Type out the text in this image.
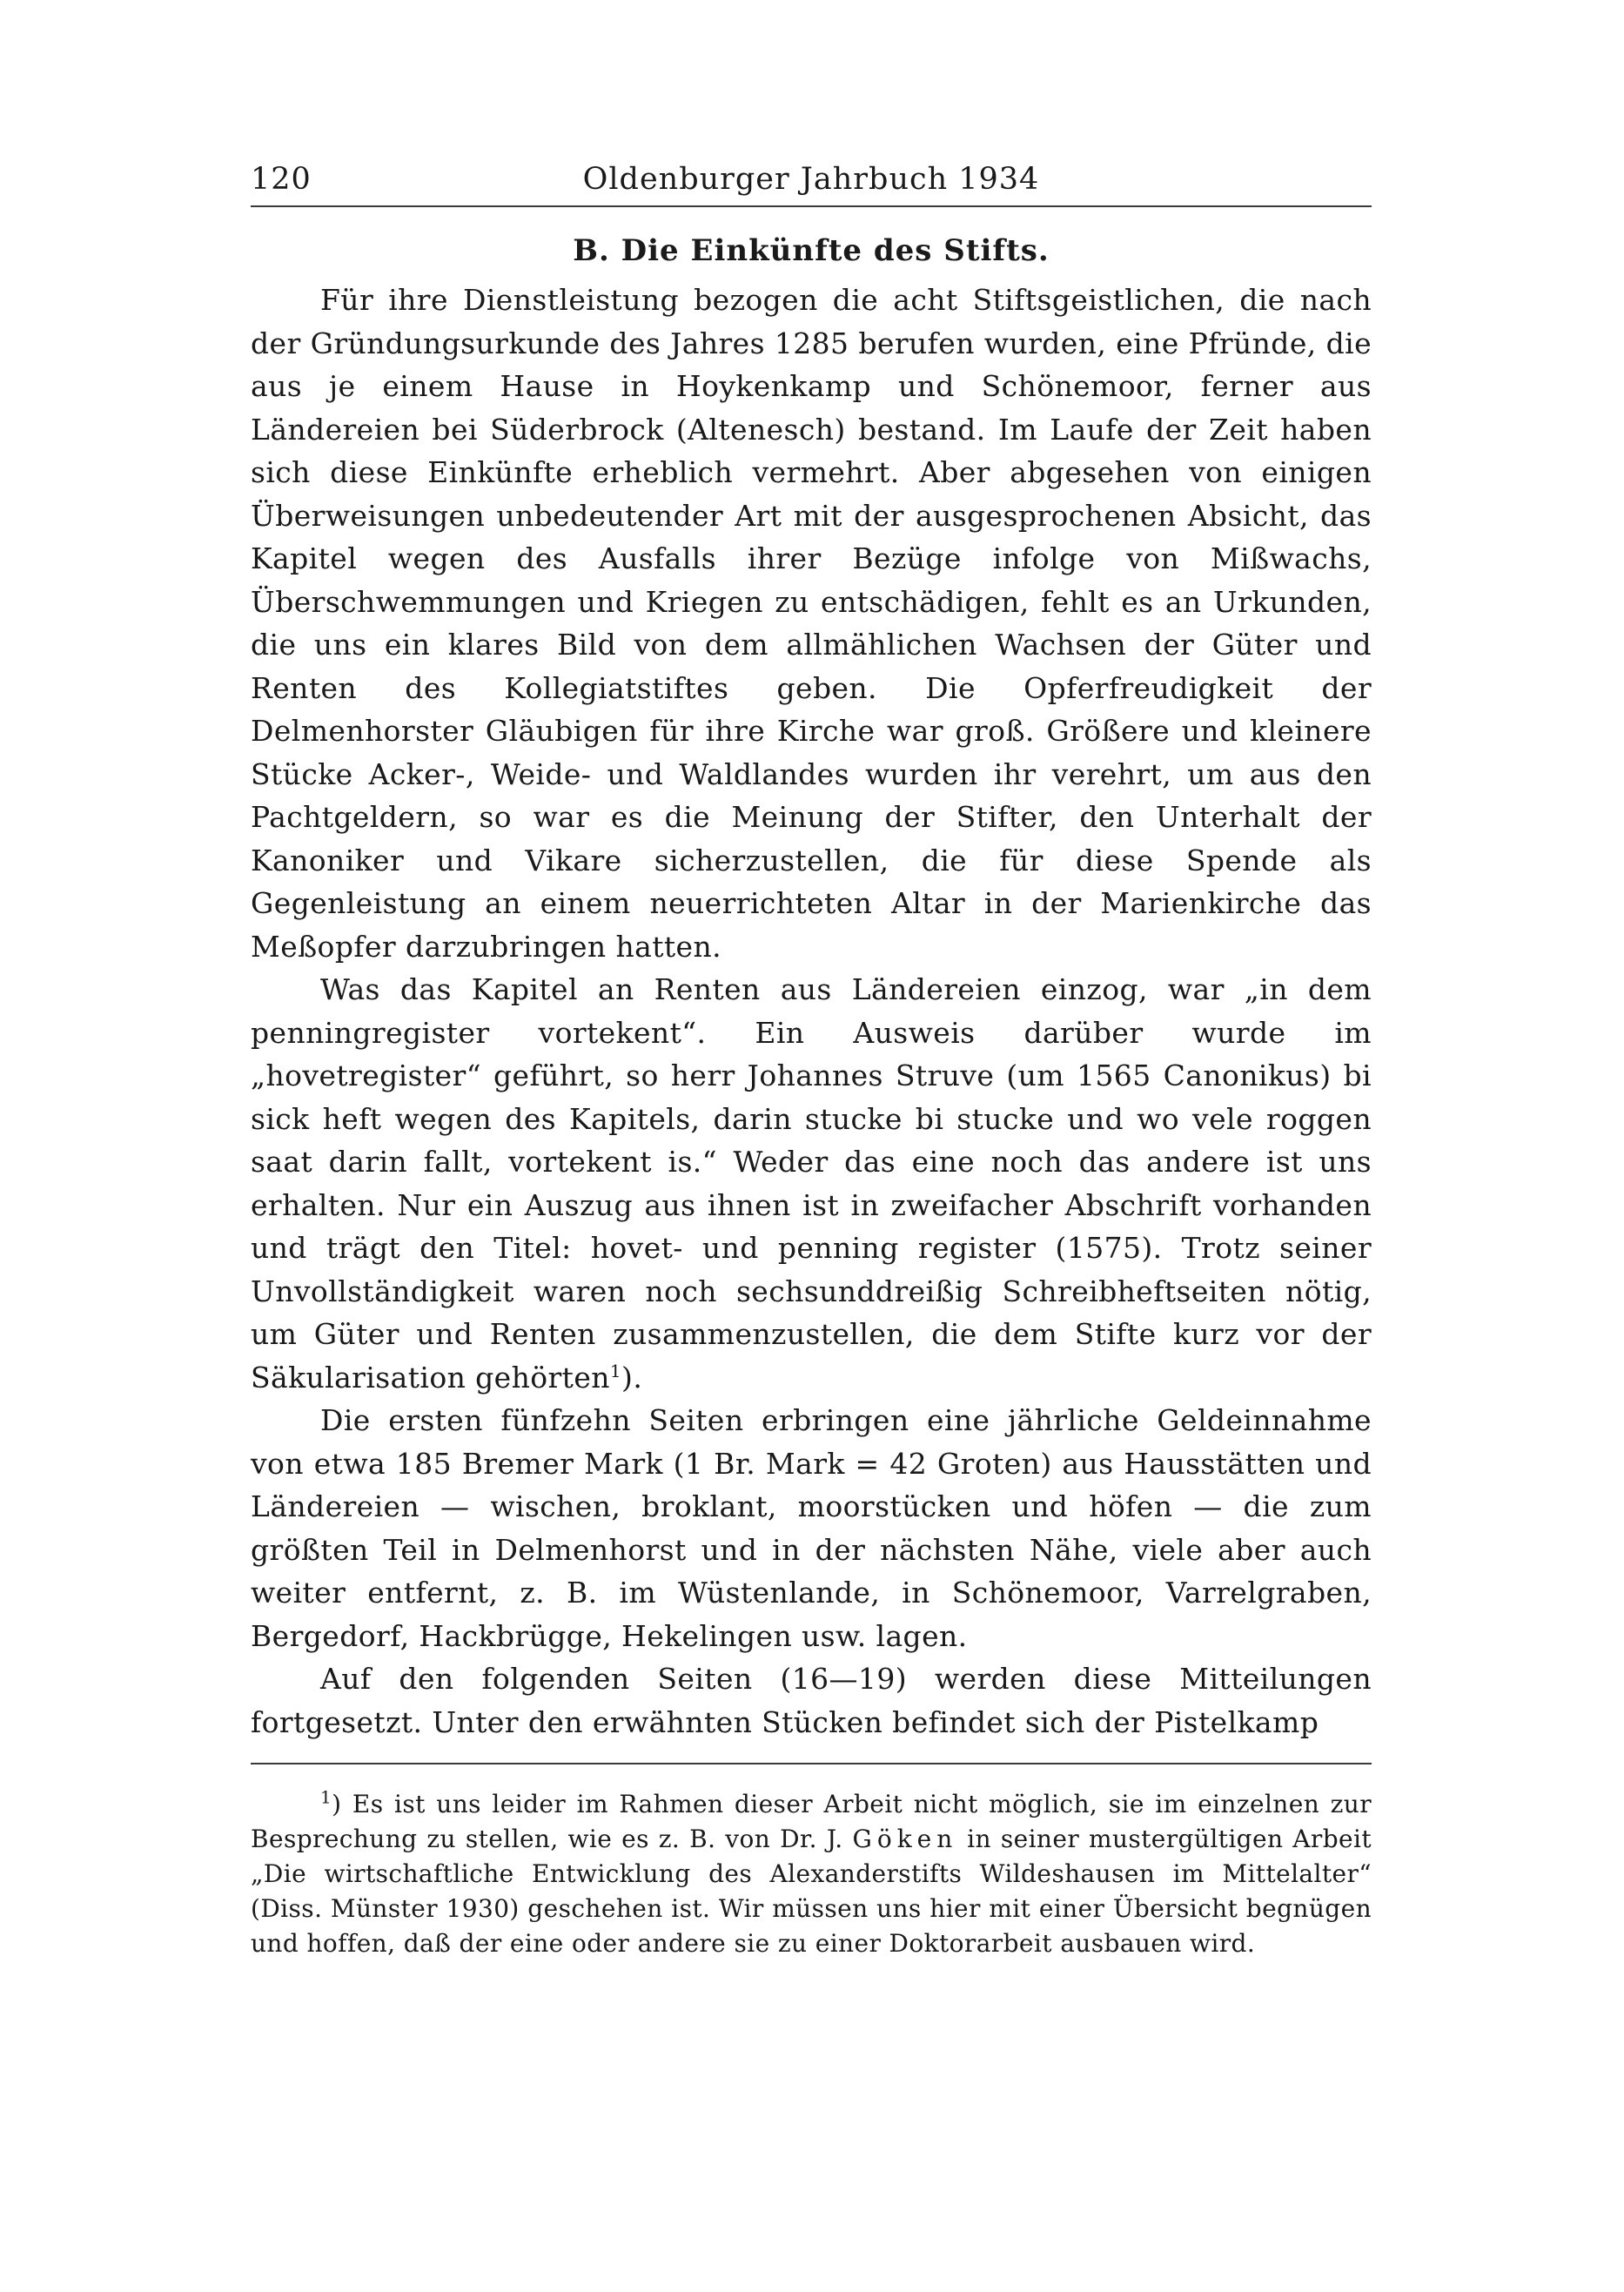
120	Oldenburger Jahrbuch 1934
B. Die Einkünfte des Stifts.

Für ihre Dienstleistung bezogen die acht Stiftsgeistlichen, die nach der Gründungsurkunde des Jahres 1285 berufen wurden, eine Pfründe, die aus je einem Hause in Hoykenkamp und Schönemoor, ferner aus Ländereien bei Süderbrock (Altenesch) bestand. Im Laufe der Zeit haben sich diese Einkünfte erheblich vermehrt. Aber abgesehen von einigen Überweisungen unbedeutender Art mit der ausgesprochenen Absicht, das Kapitel wegen des Ausfalls ihrer Bezüge infolge von Mißwachs, Überschwemmungen und Kriegen zu entschädigen, fehlt es an Urkunden, die uns ein klares Bild von dem allmählichen Wachsen der Güter und Renten des Kollegiatstiftes geben. Die Opferfreudigkeit der Delmenhorster Gläubigen für ihre Kirche war groß. Größere und kleinere Stücke Acker-, Weide- und Waldlandes wurden ihr verehrt, um aus den Pachtgeldern, so war es die Meinung der Stifter, den Unterhalt der Kanoniker und Vikare sicherzustellen, die für diese Spende als Gegenleistung an einem neuerrichteten Altar in der Marienkirche das Meßopfer darzubringen hatten.

Was das Kapitel an Renten aus Ländereien einzog, war „in dem penningregister vortekent“. Ein Ausweis darüber wurde im „hovetregister“ geführt, so herr Johannes Struve (um 1565 Canonikus) bi sick heft wegen des Kapitels, darin stucke bi stucke und wo vele roggen saat darin fallt, vortekent is.“ Weder das eine noch das andere ist uns erhalten. Nur ein Auszug aus ihnen ist in zweifacher Abschrift vorhanden und trägt den Titel: hovet- und penning register (1575). Trotz seiner Unvollständigkeit waren noch sechsunddreißig Schreibheftseiten nötig, um Güter und Renten zusammenzustellen, die dem Stifte kurz vor der Säkularisation gehörten$^1$).

Die ersten fünfzehn Seiten erbringen eine jährliche Geldeinnahme von etwa 185 Bremer Mark (1 Br. Mark = 42 Groten) aus Hausstätten und Ländereien — wischen, broklant, moorstücken und höfen — die zum größten Teil in Delmenhorst und in der nächsten Nähe, viele aber auch weiter entfernt, z. B. im Wüstenlande, in Schönemoor, Varrelgraben, Bergedorf, Hackbrügge, Hekelingen usw. lagen.

Auf den folgenden Seiten (16—19) werden diese Mitteilungen fortgesetzt. Unter den erwähnten Stücken befindet sich der Pistelkamp

$^1$) Es ist uns leider im Rahmen dieser Arbeit nicht möglich, sie im einzelnen zur Besprechung zu stellen, wie es z. B. von Dr. J. Göken in seiner mustergültigen Arbeit „Die wirtschaftliche Entwicklung des Alexanderstifts Wildeshausen im Mittelalter“ (Diss. Münster 1930) geschehen ist. Wir müssen uns hier mit einer Übersicht begnügen und hoffen, daß der eine oder andere sie zu einer Doktorarbeit ausbauen wird.
